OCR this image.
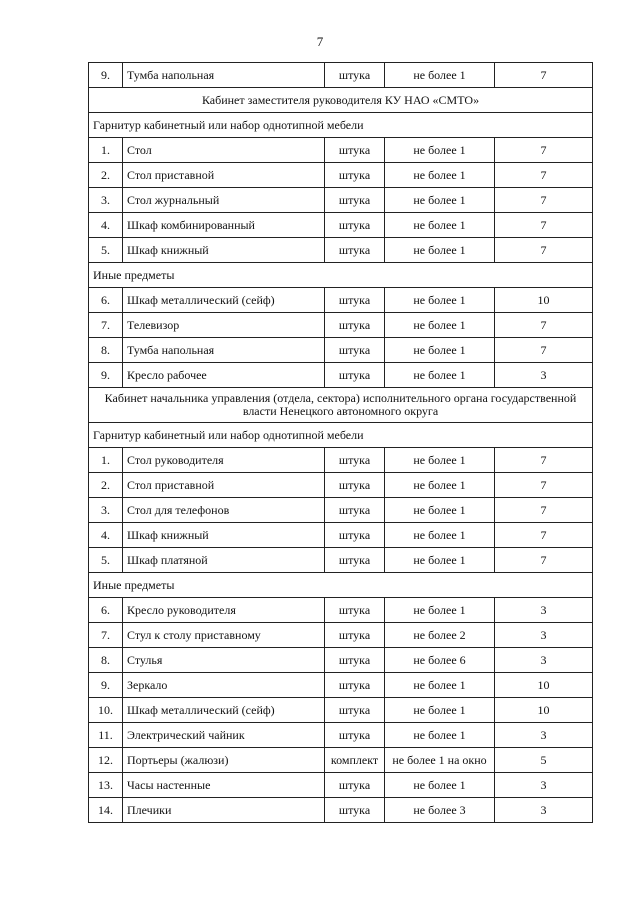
7
9.	Тумба напольная	штука	не более 1	7
Кабинет заместителя руководителя КУ НАО «СМТО»				
Гарнитур кабинетный или набор однотипной мебели				
1.	Стол	штука	не более 1	7
2.	Стол приставной	штука	не более 1	7
3.	Стол журнальный	штука	не более 1	7
4.	Шкаф комбинированный	штука	не более 1	7
5.	Шкаф книжный	штука	не более 1	7
Иные предметы				
6.	Шкаф металлический (сейф)	штука	не более 1	10
7.	Телевизор	штука	не более 1	7
8.	Тумба напольная	штука	не более 1	7
9.	Кресло рабочее	штука	не более 1	3
Кабинет начальника управления (отдела, сектора) исполнительного органа государственной власти Ненецкого автономного округа				
Гарнитур кабинетный или набор однотипной мебели				
1.	Стол руководителя	штука	не более 1	7
2.	Стол приставной	штука	не более 1	7
3.	Стол для телефонов	штука	не более 1	7
4.	Шкаф книжный	штука	не более 1	7
5.	Шкаф платяной	штука	не более 1	7
Иные предметы				
6.	Кресло руководителя	штука	не более 1	3
7.	Стул к столу приставному	штука	не более 2	3
8.	Стулья	штука	не более 6	3
9.	Зеркало	штука	не более 1	10
10.	Шкаф металлический (сейф)	штука	не более 1	10
11.	Электрический чайник	штука	не более 1	3
12.	Портьеры (жалюзи)	комплект	не более 1 на окно	5
13.	Часы настенные	штука	не более 1	3
14.	Плечики	штука	не более 3	3
